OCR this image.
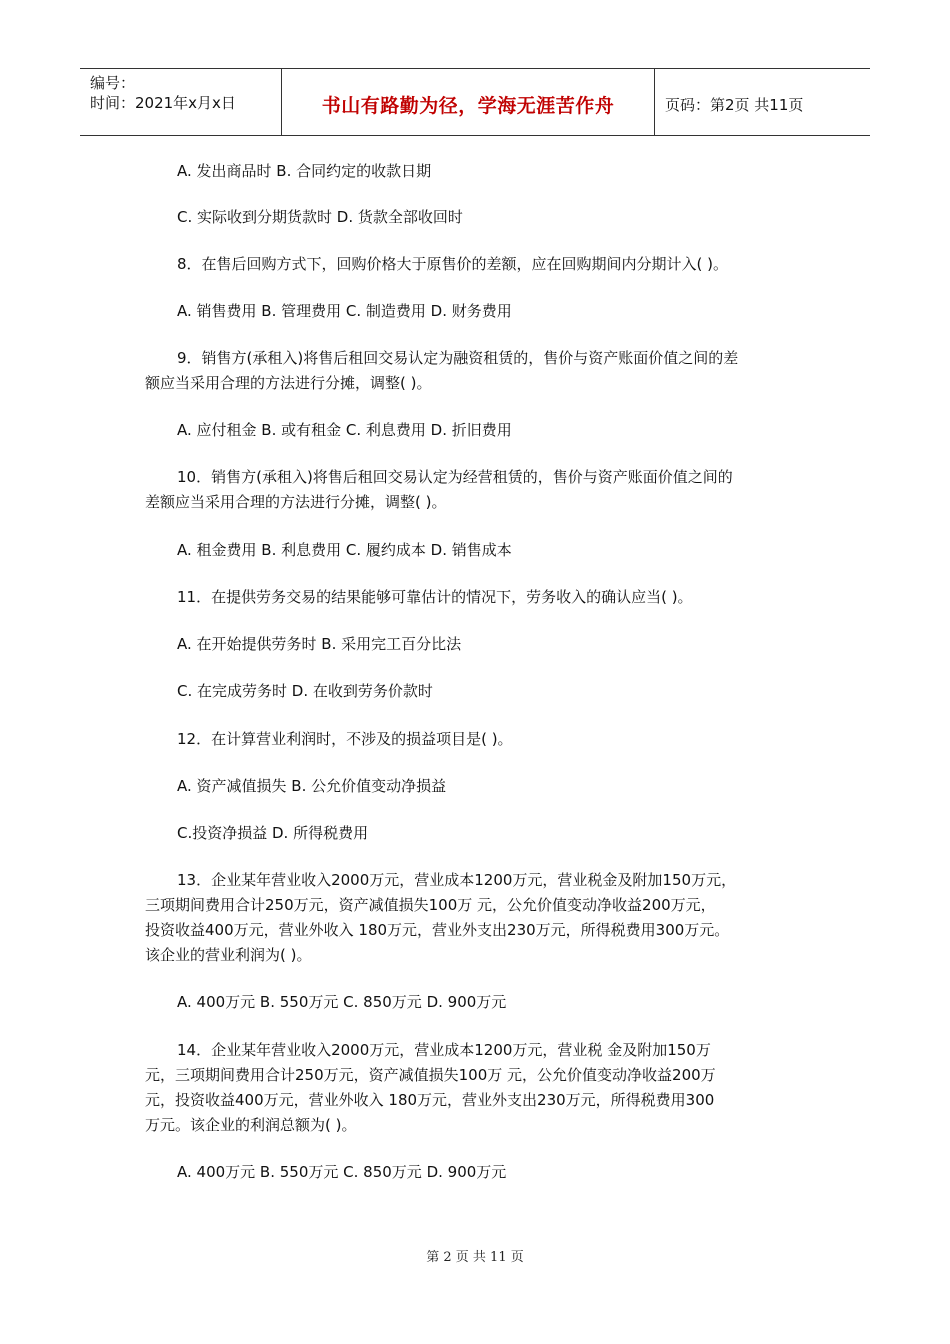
编号：
时间：2021年x月x日	书山有路勤为径，学海无涯苦作舟	页码：第2页 共11页
A. 发出商品时 B. 合同约定的收款日期
C. 实际收到分期货款时 D. 货款全部收回时
8．在售后回购方式下，回购价格大于原售价的差额，应在回购期间内分期计入( )。
A. 销售费用 B. 管理费用 C. 制造费用 D. 财务费用
9．销售方(承租入)将售后租回交易认定为融资租赁的，售价与资产账面价值之间的差
额应当采用合理的方法进行分摊，调整( )。
A. 应付租金 B. 或有租金 C. 利息费用 D. 折旧费用
10．销售方(承租入)将售后租回交易认定为经营租赁的，售价与资产账面价值之间的
差额应当采用合理的方法进行分摊，调整( )。
A. 租金费用 B. 利息费用 C. 履约成本 D. 销售成本
11．在提供劳务交易的结果能够可靠估计的情况下，劳务收入的确认应当( )。
A. 在开始提供劳务时 B. 采用完工百分比法
C. 在完成劳务时 D. 在收到劳务价款时
12．在计算营业利润时，不涉及的损益项目是( )。
A. 资产减值损失 B. 公允价值变动净损益
C.投资净损益 D. 所得税费用
13．企业某年营业收入2000万元，营业成本1200万元，营业税金及附加150万元，
三项期间费用合计250万元，资产减值损失100万 元，公允价值变动净收益200万元，
投资收益400万元，营业外收入 180万元，营业外支出230万元，所得税费用300万元。
该企业的营业利润为( )。
A. 400万元 B. 550万元 C. 850万元 D. 900万元
14．企业某年营业收入2000万元，营业成本1200万元，营业税 金及附加150万
元，三项期间费用合计250万元，资产减值损失100万 元，公允价值变动净收益200万
元，投资收益400万元，营业外收入 180万元，营业外支出230万元，所得税费用300
万元。该企业的利润总额为( )。
A. 400万元 B. 550万元 C. 850万元 D. 900万元
第 2 页 共 11 页
